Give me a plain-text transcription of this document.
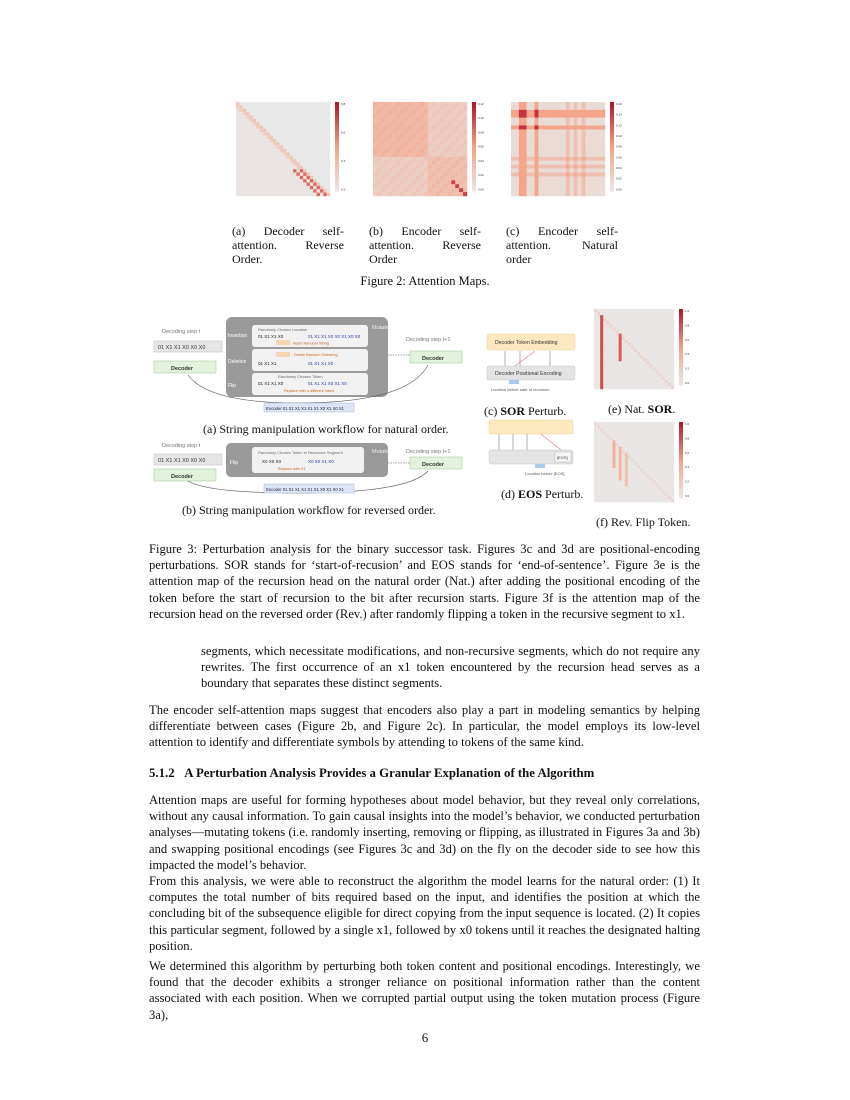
0.8
0.6
0.4
0.2
0.12
0.10
0.08
0.06
0.04
0.02
0.00
0.16
0.14
0.12
0.10
0.08
0.06
0.04
0.02
0.00
(a) Decoder self-attention. Reverse Order.
(b) Encoder self-attention. Reverse Order
(c) Encoder self-attention. Natural order
Figure 2: Attention Maps.
Decoding step t
01 X1 X1 X0 X0 X0
Decoder
Mutate
Insertion
Randomly Chosen Location
01 X1 X1 X0	01 X1 X1 X0 X0 X1 X0 X0
Insert Random String
Deletion
Delete Random Substring
01 X1 X1	01 X1 X1 X0
Flip
Randomly Chosen Token
01 X1 X1 X0	01 X1 X1 X0 X1 X0
Replace with a different token
Decoding step t+1
Decoder
Encoder 01 X1 X1 X1 X1 X1 X0 X1 X0 X1
(a) String manipulation workflow for natural order.
Decoding step t
01 X1 X1 X0 X0 X0
Decoder
Mutate
Flip
Randomly Chosen Token in Recursive Segment
X0 X0 X0	X0 X0 X1 X0
Replace with X1
Decoding step t+1
Decoder
Encoder 01 X1 X1 X1 X1 X1 X0 X1 X0 X1
(b) String manipulation workflow for reversed order.
Decoder Token Embedding
Decoder Positional Encoding
Location before start of recursion
(c) SOR Perturb.
[EOS]
Location before [EOS]
(d) EOS Perturb.
1.0
0.8
0.6
0.4
0.2
0.0
(e) Nat. SOR.
1.0
0.8
0.6
0.4
0.2
0.0
(f) Rev. Flip Token.
Figure 3: Perturbation analysis for the binary successor task. Figures 3c and 3d are positional-encoding perturbations. SOR stands for ‘start-of-recusion’ and EOS stands for ‘end-of-sentence’. Figure 3e is the attention map of the recursion head on the natural order (Nat.) after adding the positional encoding of the token before the start of recursion to the bit after recursion starts. Figure 3f is the attention map of the recursion head on the reversed order (Rev.) after randomly flipping a token in the recursive segment to x1.
segments, which necessitate modifications, and non-recursive segments, which do not require any rewrites. The first occurrence of an x1 token encountered by the recursion head serves as a boundary that separates these distinct segments.
The encoder self-attention maps suggest that encoders also play a part in modeling semantics by helping differentiate between cases (Figure 2b, and Figure 2c). In particular, the model employs its low-level attention to identify and differentiate symbols by attending to tokens of the same kind.
5.1.2 A Perturbation Analysis Provides a Granular Explanation of the Algorithm
Attention maps are useful for forming hypotheses about model behavior, but they reveal only correlations, without any causal information. To gain causal insights into the model’s behavior, we conducted perturbation analyses—mutating tokens (i.e. randomly inserting, removing or flipping, as illustrated in Figures 3a and 3b) and swapping positional encodings (see Figures 3c and 3d) on the fly on the decoder side to see how this impacted the model’s behavior.
From this analysis, we were able to reconstruct the algorithm the model learns for the natural order: (1) It computes the total number of bits required based on the input, and identifies the position at which the concluding bit of the subsequence eligible for direct copying from the input sequence is located. (2) It copies this particular segment, followed by a single x1, followed by x0 tokens until it reaches the designated halting position.
We determined this algorithm by perturbing both token content and positional encodings. Interestingly, we found that the decoder exhibits a stronger reliance on positional information rather than the content associated with each position. When we corrupted partial output using the token mutation process (Figure 3a),
6
